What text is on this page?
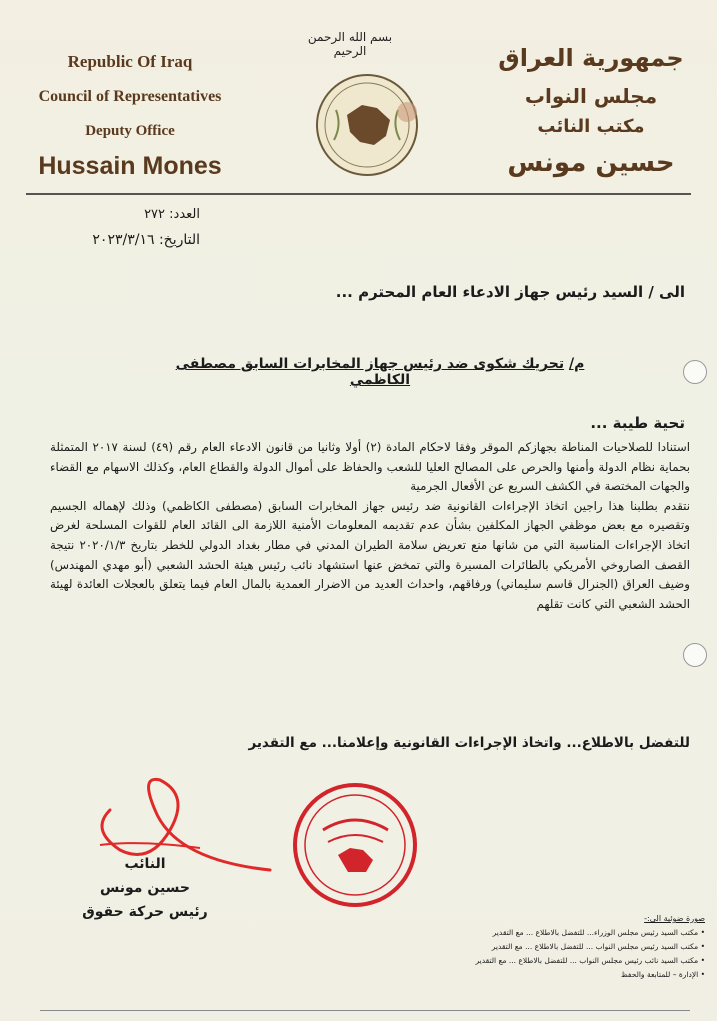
Republic Of Iraq
Council of Representatives
Deputy Office
Hussain Mones
جمهورية العراق
مجلس النواب
مكتب النائب
حسين مونس
بسم الله الرحمن الرحيم
العدد: ٢٧٢
التاريخ: ٢٠٢٣/٣/١٦
الى / السيد رئيس جهاز الادعاء العام المحترم ...
م/ تحريك شكوى ضد رئيس جهاز المخابرات السابق مصطفى الكاظمي
تحية طيبة ...

استنادا للصلاحيات المناطة بجهازكم الموقر وفقا لاحكام المادة (٢) أولا وثانيا من قانون الادعاء العام رقم (٤٩) لسنة ٢٠١٧ المتمثلة بحماية نظام الدولة وأمنها والحرص على المصالح العليا للشعب والحفاظ على أموال الدولة والقطاع العام، وكذلك الاسهام مع القضاء والجهات المختصة في الكشف السريع عن الأفعال الجرمية

نتقدم بطلبنا هذا راجين اتخاذ الإجراءات القانونية ضد رئيس جهاز المخابرات السابق (مصطفى الكاظمي) وذلك لإهماله الجسيم وتقصيره مع بعض موظفي الجهاز المكلفين بشأن عدم تقديمه المعلومات الأمنية اللازمة الى القائد العام للقوات المسلحة لغرض اتخاذ الإجراءات المناسبة التي من شانها منع تعريض سلامة الطيران المدني في مطار بغداد الدولي للخطر بتاريخ ٢٠٢٠/١/٣ نتيجة القصف الصاروخي الأمريكي بالطائرات المسيرة والتي تمخض عنها استشهاد نائب رئيس هيئة الحشد الشعبي (أبو مهدي المهندس) وضيف العراق (الجنرال قاسم سليماني) ورفاقهم، واحداث العديد من الاضرار العمدية بالمال العام فيما يتعلق بالعجلات العائدة لهيئة الحشد الشعبي التي كانت تقلهم

للتفضل بالاطلاع... واتخاذ الإجراءات القانونية وإعلامنا... مع التقدير
النائب
حسين مونس
رئيس حركة حقوق	صورة ضوئية الى:-
• مكتب السيد رئيس مجلس الوزراء... للتفضل بالاطلاع ... مع التقدير
• مكتب السيد رئيس مجلس النواب ... للتفضل بالاطلاع ... مع التقدير
• مكتب السيد نائب رئيس مجلس النواب ... للتفضل بالاطلاع ... مع التقدير
• الإدارة – للمتابعة والحفظ
